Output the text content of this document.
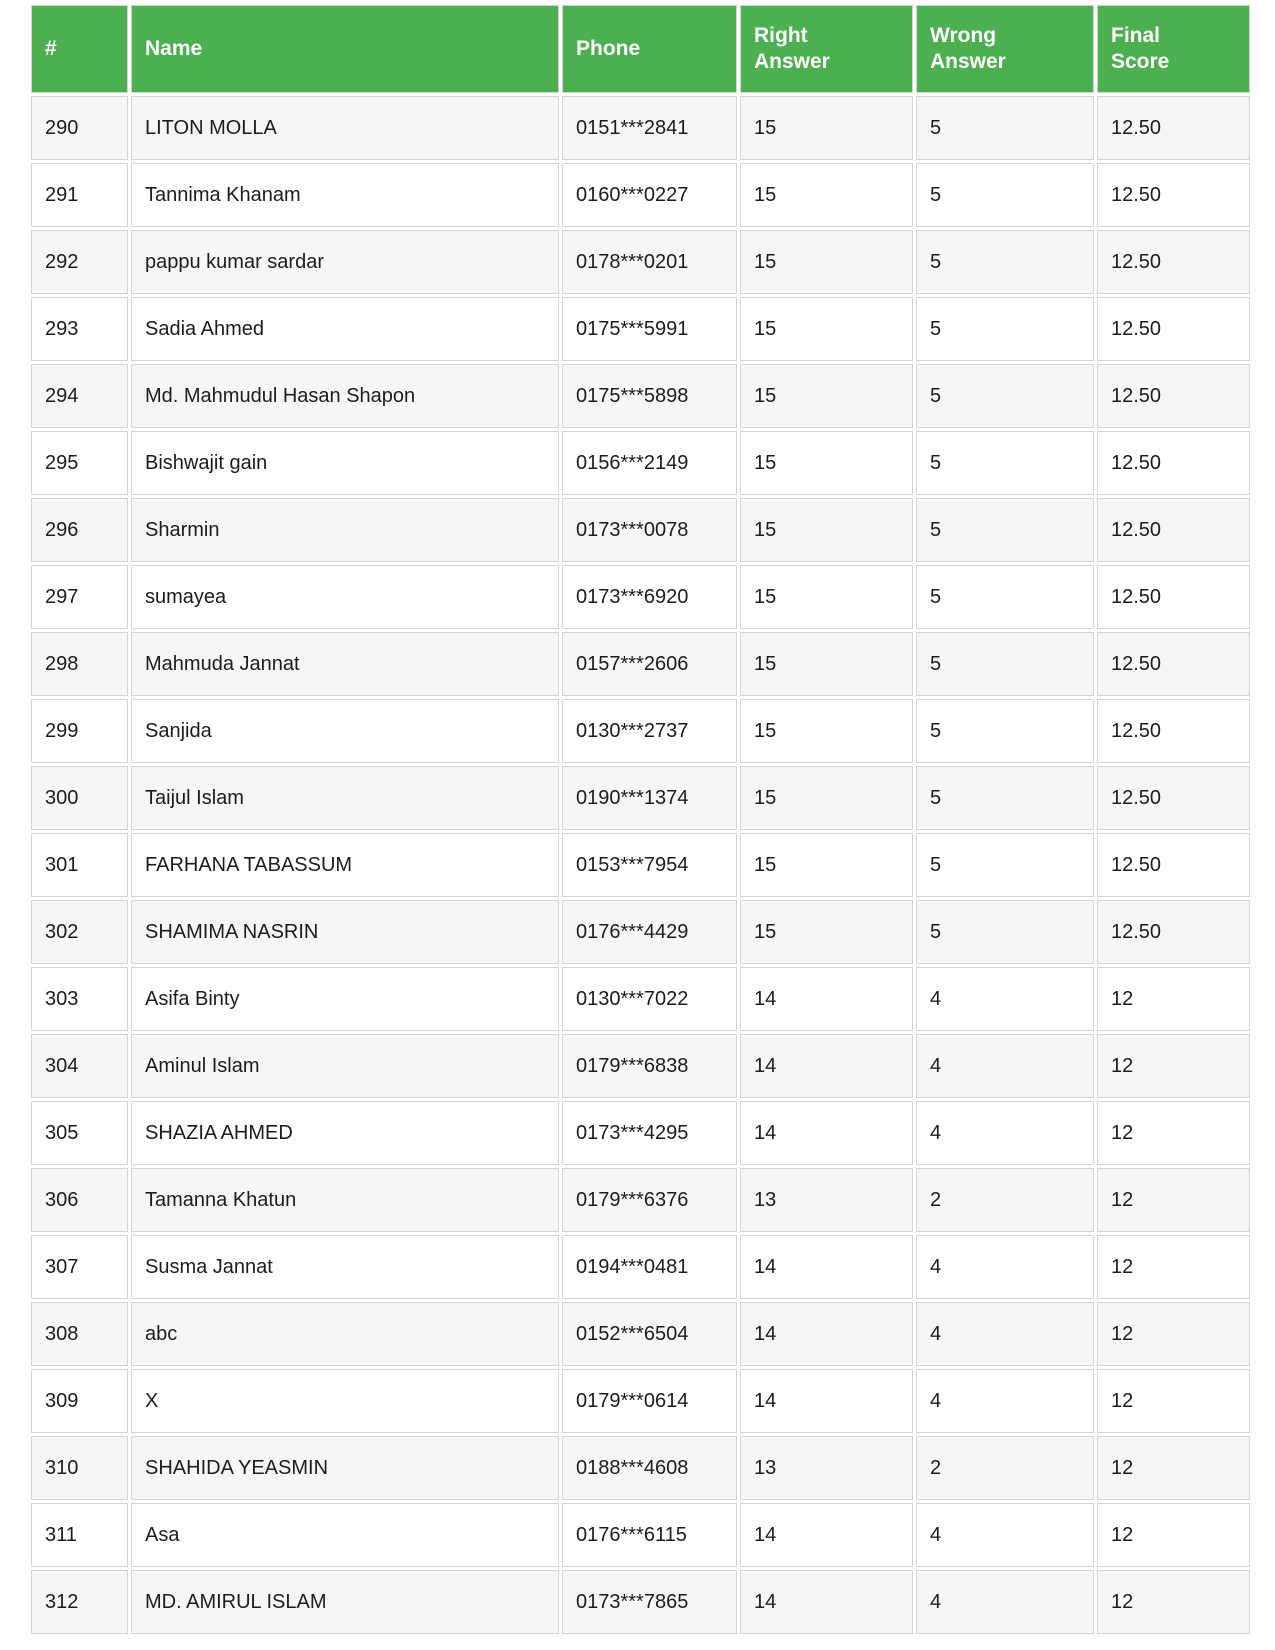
#	Name	Phone	Right Answer	Wrong Answer	Final Score
290	LITON MOLLA	0151***2841	15	5	12.50
291	Tannima Khanam	0160***0227	15	5	12.50
292	pappu kumar sardar	0178***0201	15	5	12.50
293	Sadia Ahmed	0175***5991	15	5	12.50
294	Md. Mahmudul Hasan Shapon	0175***5898	15	5	12.50
295	Bishwajit gain	0156***2149	15	5	12.50
296	Sharmin	0173***0078	15	5	12.50
297	sumayea	0173***6920	15	5	12.50
298	Mahmuda Jannat	0157***2606	15	5	12.50
299	Sanjida	0130***2737	15	5	12.50
300	Taijul Islam	0190***1374	15	5	12.50
301	FARHANA TABASSUM	0153***7954	15	5	12.50
302	SHAMIMA NASRIN	0176***4429	15	5	12.50
303	Asifa Binty	0130***7022	14	4	12
304	Aminul Islam	0179***6838	14	4	12
305	SHAZIA AHMED	0173***4295	14	4	12
306	Tamanna Khatun	0179***6376	13	2	12
307	Susma Jannat	0194***0481	14	4	12
308	abc	0152***6504	14	4	12
309	X	0179***0614	14	4	12
310	SHAHIDA YEASMIN	0188***4608	13	2	12
311	Asa	0176***6115	14	4	12
312	MD. AMIRUL ISLAM	0173***7865	14	4	12
